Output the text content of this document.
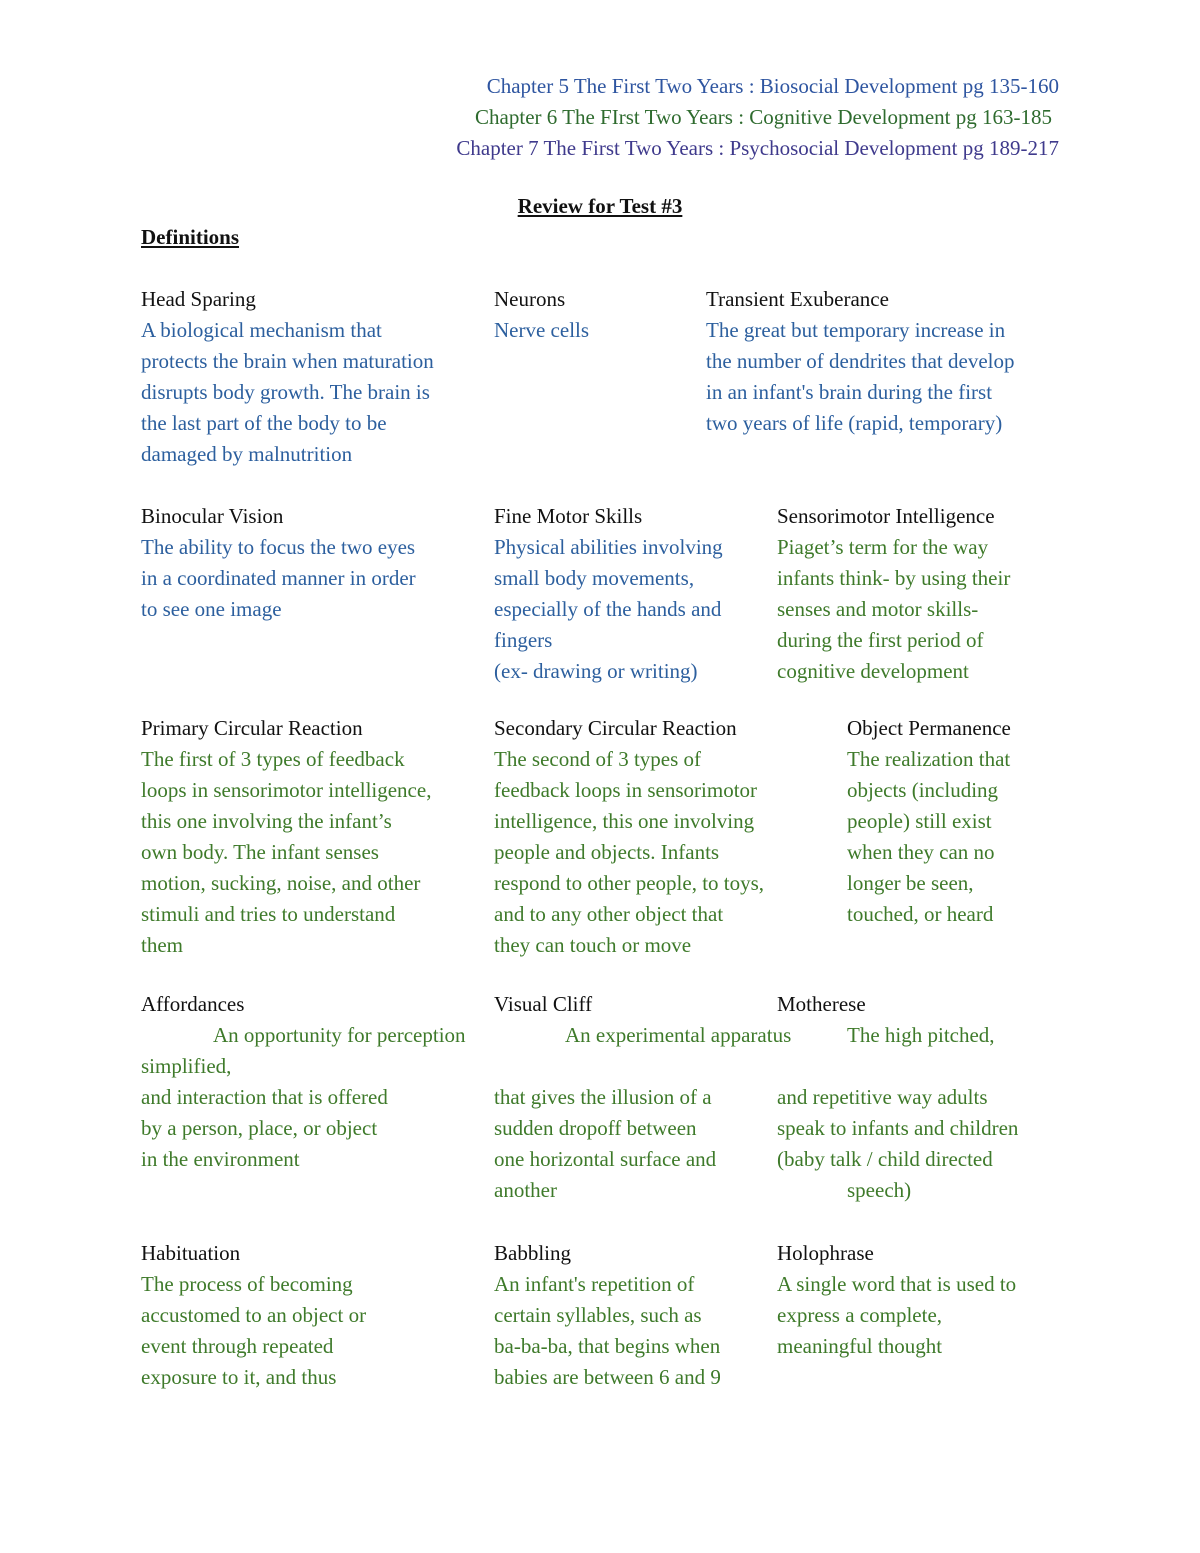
Chapter 5 The First Two Years : Biosocial Development pg 135-160
Chapter 6 The FIrst Two Years : Cognitive Development pg 163-185
Chapter 7 The First Two Years : Psychosocial Development pg 189-217
Review for Test #3
Definitions
Head Sparing
A biological mechanism that
protects the brain when maturation
disrupts body growth. The brain is
the last part of the body to be
damaged by malnutrition
Neurons
Nerve cells
Transient Exuberance
The great but temporary increase in
the number of dendrites that develop
in an infant's brain during the first
two years of life (rapid, temporary)
Binocular Vision
The ability to focus the two eyes
in a coordinated manner in order
to see one image
Fine Motor Skills
Physical abilities involving
small body movements,
especially of the hands and
fingers
(ex- drawing or writing)
Sensorimotor Intelligence
Piaget’s term for the way
infants think- by using their
senses and motor skills-
during the first period of
cognitive development
Primary Circular Reaction
The first of 3 types of feedback
loops in sensorimotor intelligence,
this one involving the infant’s
own body. The infant senses
motion, sucking, noise, and other
stimuli and tries to understand
them
Secondary Circular Reaction
The second of 3 types of
feedback loops in sensorimotor
intelligence, this one involving
people and objects. Infants
respond to other people, to toys,
and to any other object that
they can touch or move
Object Permanence
The realization that
objects (including
people) still exist
when they can no
longer be seen,
touched, or heard
Affordances	Visual Cliff	Motherese
An opportunity for perception	An experimental apparatus	The high pitched,
simplified,
and interaction that is offered
by a person, place, or object
in the environment
that gives the illusion of a
sudden dropoff between
one horizontal surface and
another
and repetitive way adults
speak to infants and children
(baby talk / child directed
speech)
Habituation
The process of becoming
accustomed to an object or
event through repeated
exposure to it, and thus
Babbling
An infant's repetition of
certain syllables, such as
ba-ba-ba, that begins when
babies are between 6 and 9
Holophrase
A single word that is used to
express a complete,
meaningful thought
